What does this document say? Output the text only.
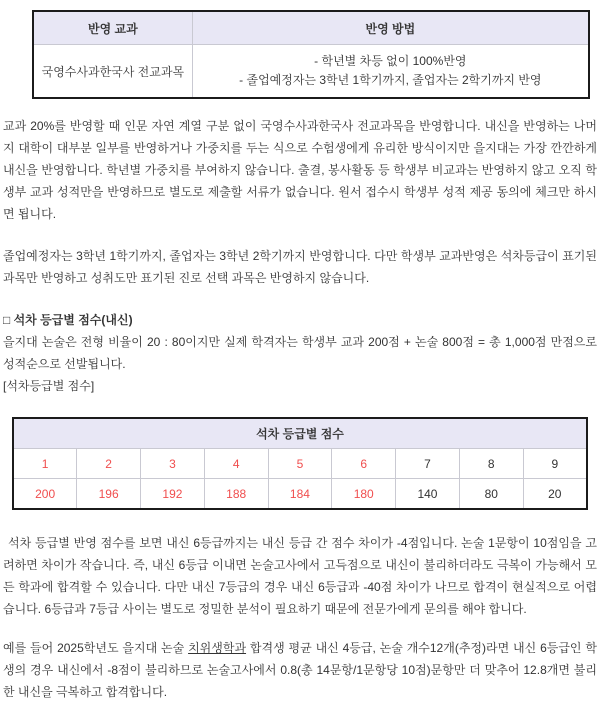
반영 교과	반영 방법
국영수사과한국사 전교과목	- 학년별 차등 없이 100%반영
- 졸업예정자는 3학년 1학기까지, 졸업자는 2학기까지 반영

교과 20%를 반영할 때 인문 자연 계열 구분 없이 국영수사과한국사 전교과목을 반영합니다. 내신을 반영하는 나머지 대학이 대부분 일부를 반영하거나 가중치를 두는 식으로 수험생에게 유리한 방식이지만 을지대는 가장 깐깐하게 내신을 반영합니다. 학년별 가중치를 부여하지 않습니다. 출결, 봉사활동 등 학생부 비교과는 반영하지 않고 오직 학생부 교과 성적만을 반영하므로 별도로 제출할 서류가 없습니다. 원서 접수시 학생부 성적 제공 동의에 체크만 하시면 됩니다.

졸업예정자는 3학년 1학기까지, 졸업자는 3학년 2학기까지 반영합니다. 다만 학생부 교과반영은 석차등급이 표기된 과목만 반영하고 성취도만 표기된 진로 선택 과목은 반영하지 않습니다.

□ 석차 등급별 점수(내신)

을지대 논술은 전형 비율이 20 : 80이지만 실제 학격자는 학생부 교과 200점 + 논술 800점 = 총 1,000점 만점으로 성적순으로 선발됩니다.

[석차등급별 점수]
석차 등급별 점수								
1	2	3	4	5	6	7	8	9
200	196	192	188	184	180	140	80	20

석차 등급별 반영 점수를 보면 내신 6등급까지는 내신 등급 간 점수 차이가 -4점입니다. 논술 1문항이 10점임을 고려하면 차이가 작습니다. 즉, 내신 6등급 이내면 논술고사에서 고득점으로 내신이 불리하더라도 극복이 가능해서 모든 학과에 합격할 수 있습니다. 다만 내신 7등급의 경우 내신 6등급과 -40점 차이가 나므로 합격이 현실적으로 어렵습니다. 6등급과 7등급 사이는 별도로 정밀한 분석이 필요하기 때문에 전문가에게 문의를 해야 합니다.

예를 들어 2025학년도 을지대 논술 치위생학과 합격생 평균 내신 4등급, 논술 개수12개(추정)라면 내신 6등급인 학생의 경우 내신에서 -8점이 불리하므로 논술고사에서 0.8(총 14문항/1문항당 10점)문항만 더 맞추어 12.8개면 불리한 내신을 극복하고 합격합니다.
